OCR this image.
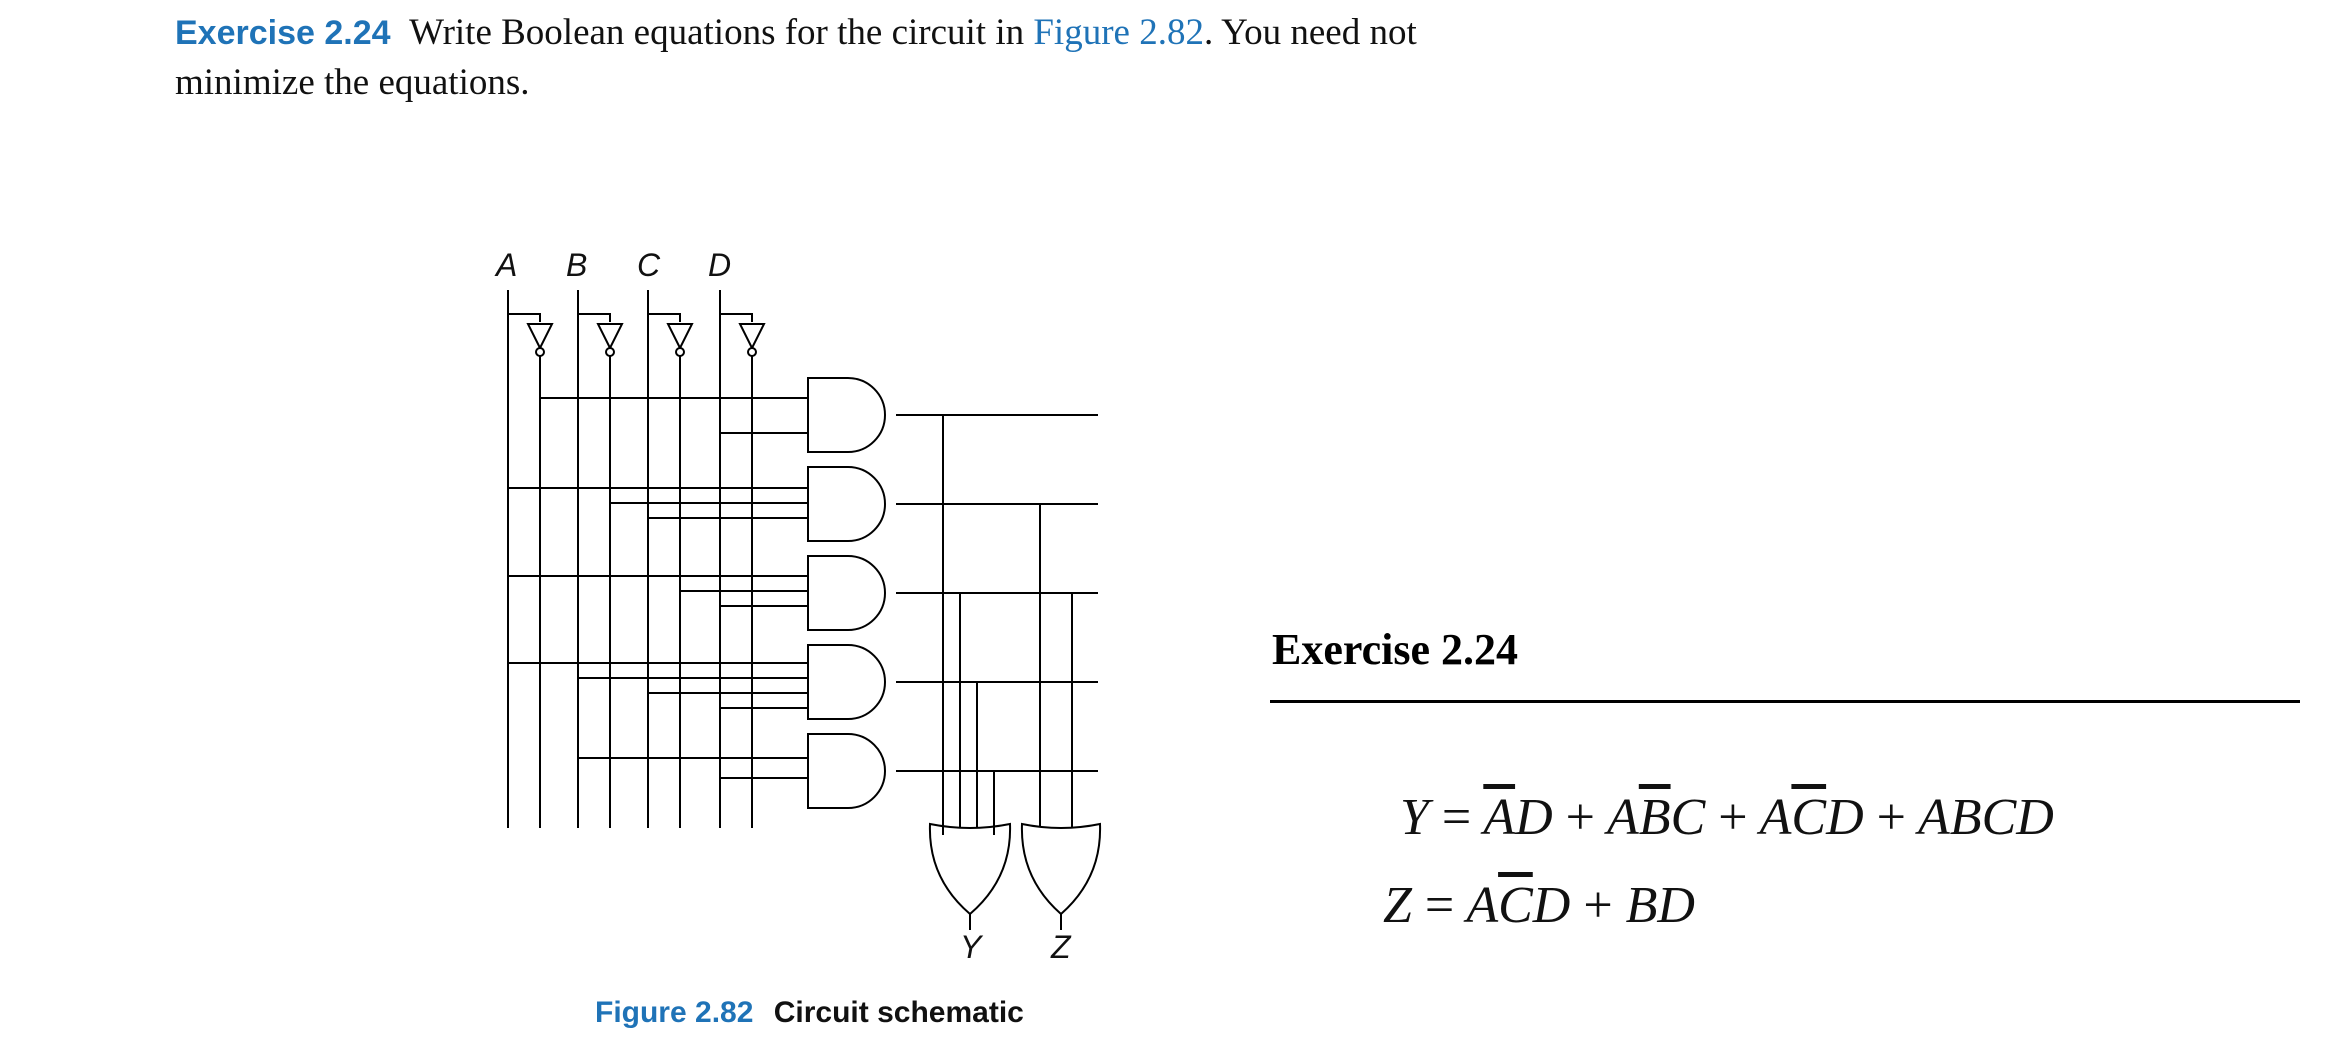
Exercise 2.24 Write Boolean equations for the circuit in Figure 2.82. You need not minimize the equations.
A B C D
Y Z
Figure 2.82 Circuit schematic
Exercise 2.24
$Y = \overline{A}D + A\overline{B}C + A\overline{C}D$ + ABCD
$Z = A\overline{C}D$ + BD
